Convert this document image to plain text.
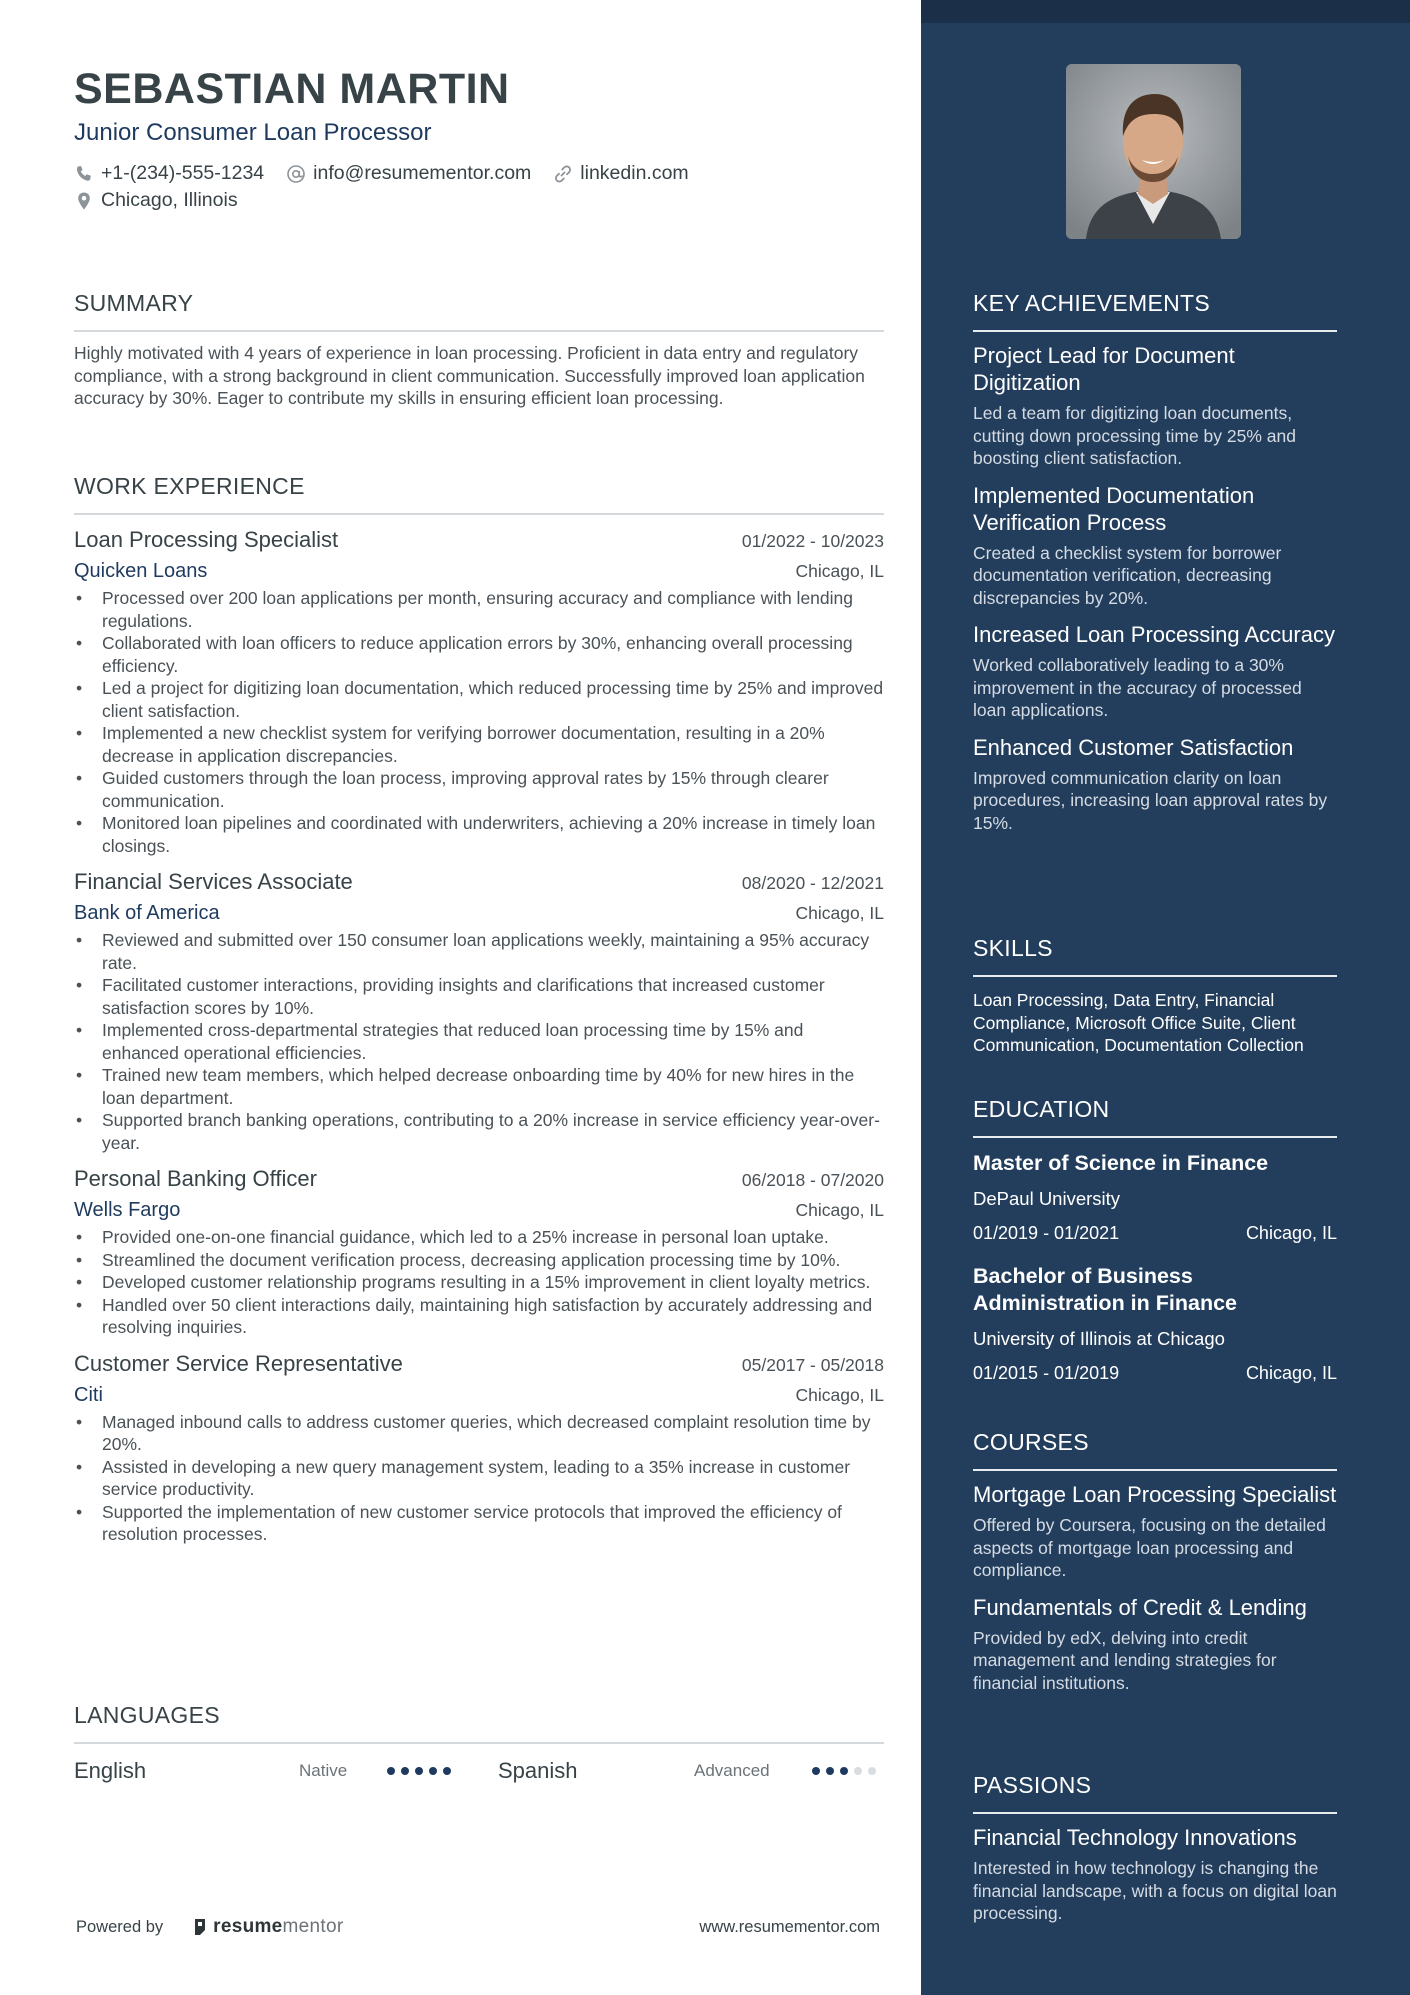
SEBASTIAN MARTIN
Junior Consumer Loan Processor
+1-(234)-555-1234	info@resumementor.com	linkedin.com
Chicago, Illinois
SUMMARY
Highly motivated with 4 years of experience in loan processing. Proficient in data entry and regulatory compliance, with a strong background in client communication. Successfully improved loan application accuracy by 30%. Eager to contribute my skills in ensuring efficient loan processing.
WORK EXPERIENCE
Loan Processing Specialist	01/2022 - 10/2023
Quicken Loans	Chicago, IL
• Processed over 200 loan applications per month, ensuring accuracy and compliance with lending regulations.
• Collaborated with loan officers to reduce application errors by 30%, enhancing overall processing efficiency.
• Led a project for digitizing loan documentation, which reduced processing time by 25% and improved client satisfaction.
• Implemented a new checklist system for verifying borrower documentation, resulting in a 20% decrease in application discrepancies.
• Guided customers through the loan process, improving approval rates by 15% through clearer communication.
• Monitored loan pipelines and coordinated with underwriters, achieving a 20% increase in timely loan closings.
Financial Services Associate	08/2020 - 12/2021
Bank of America	Chicago, IL
• Reviewed and submitted over 150 consumer loan applications weekly, maintaining a 95% accuracy rate.
• Facilitated customer interactions, providing insights and clarifications that increased customer satisfaction scores by 10%.
• Implemented cross-departmental strategies that reduced loan processing time by 15% and enhanced operational efficiencies.
• Trained new team members, which helped decrease onboarding time by 40% for new hires in the loan department.
• Supported branch banking operations, contributing to a 20% increase in service efficiency year-over-year.
Personal Banking Officer	06/2018 - 07/2020
Wells Fargo	Chicago, IL
• Provided one-on-one financial guidance, which led to a 25% increase in personal loan uptake.
• Streamlined the document verification process, decreasing application processing time by 10%.
• Developed customer relationship programs resulting in a 15% improvement in client loyalty metrics.
• Handled over 50 client interactions daily, maintaining high satisfaction by accurately addressing and resolving inquiries.
Customer Service Representative	05/2017 - 05/2018
Citi	Chicago, IL
• Managed inbound calls to address customer queries, which decreased complaint resolution time by 20%.
• Assisted in developing a new query management system, leading to a 35% increase in customer service productivity.
• Supported the implementation of new customer service protocols that improved the efficiency of resolution processes.
LANGUAGES
English	Native	Spanish	Advanced
Powered by	resume mentor	www.resumementor.com
KEY ACHIEVEMENTS
Project Lead for Document Digitization
Led a team for digitizing loan documents, cutting down processing time by 25% and boosting client satisfaction.
Implemented Documentation Verification Process
Created a checklist system for borrower documentation verification, decreasing discrepancies by 20%.
Increased Loan Processing Accuracy
Worked collaboratively leading to a 30% improvement in the accuracy of processed loan applications.
Enhanced Customer Satisfaction
Improved communication clarity on loan procedures, increasing loan approval rates by 15%.
SKILLS
Loan Processing, Data Entry, Financial Compliance, Microsoft Office Suite, Client Communication, Documentation Collection
EDUCATION
Master of Science in Finance
DePaul University
01/2019 - 01/2021	Chicago, IL
Bachelor of Business Administration in Finance
University of Illinois at Chicago
01/2015 - 01/2019	Chicago, IL
COURSES
Mortgage Loan Processing Specialist
Offered by Coursera, focusing on the detailed aspects of mortgage loan processing and compliance.
Fundamentals of Credit & Lending
Provided by edX, delving into credit management and lending strategies for financial institutions.
PASSIONS
Financial Technology Innovations
Interested in how technology is changing the financial landscape, with a focus on digital loan processing.
